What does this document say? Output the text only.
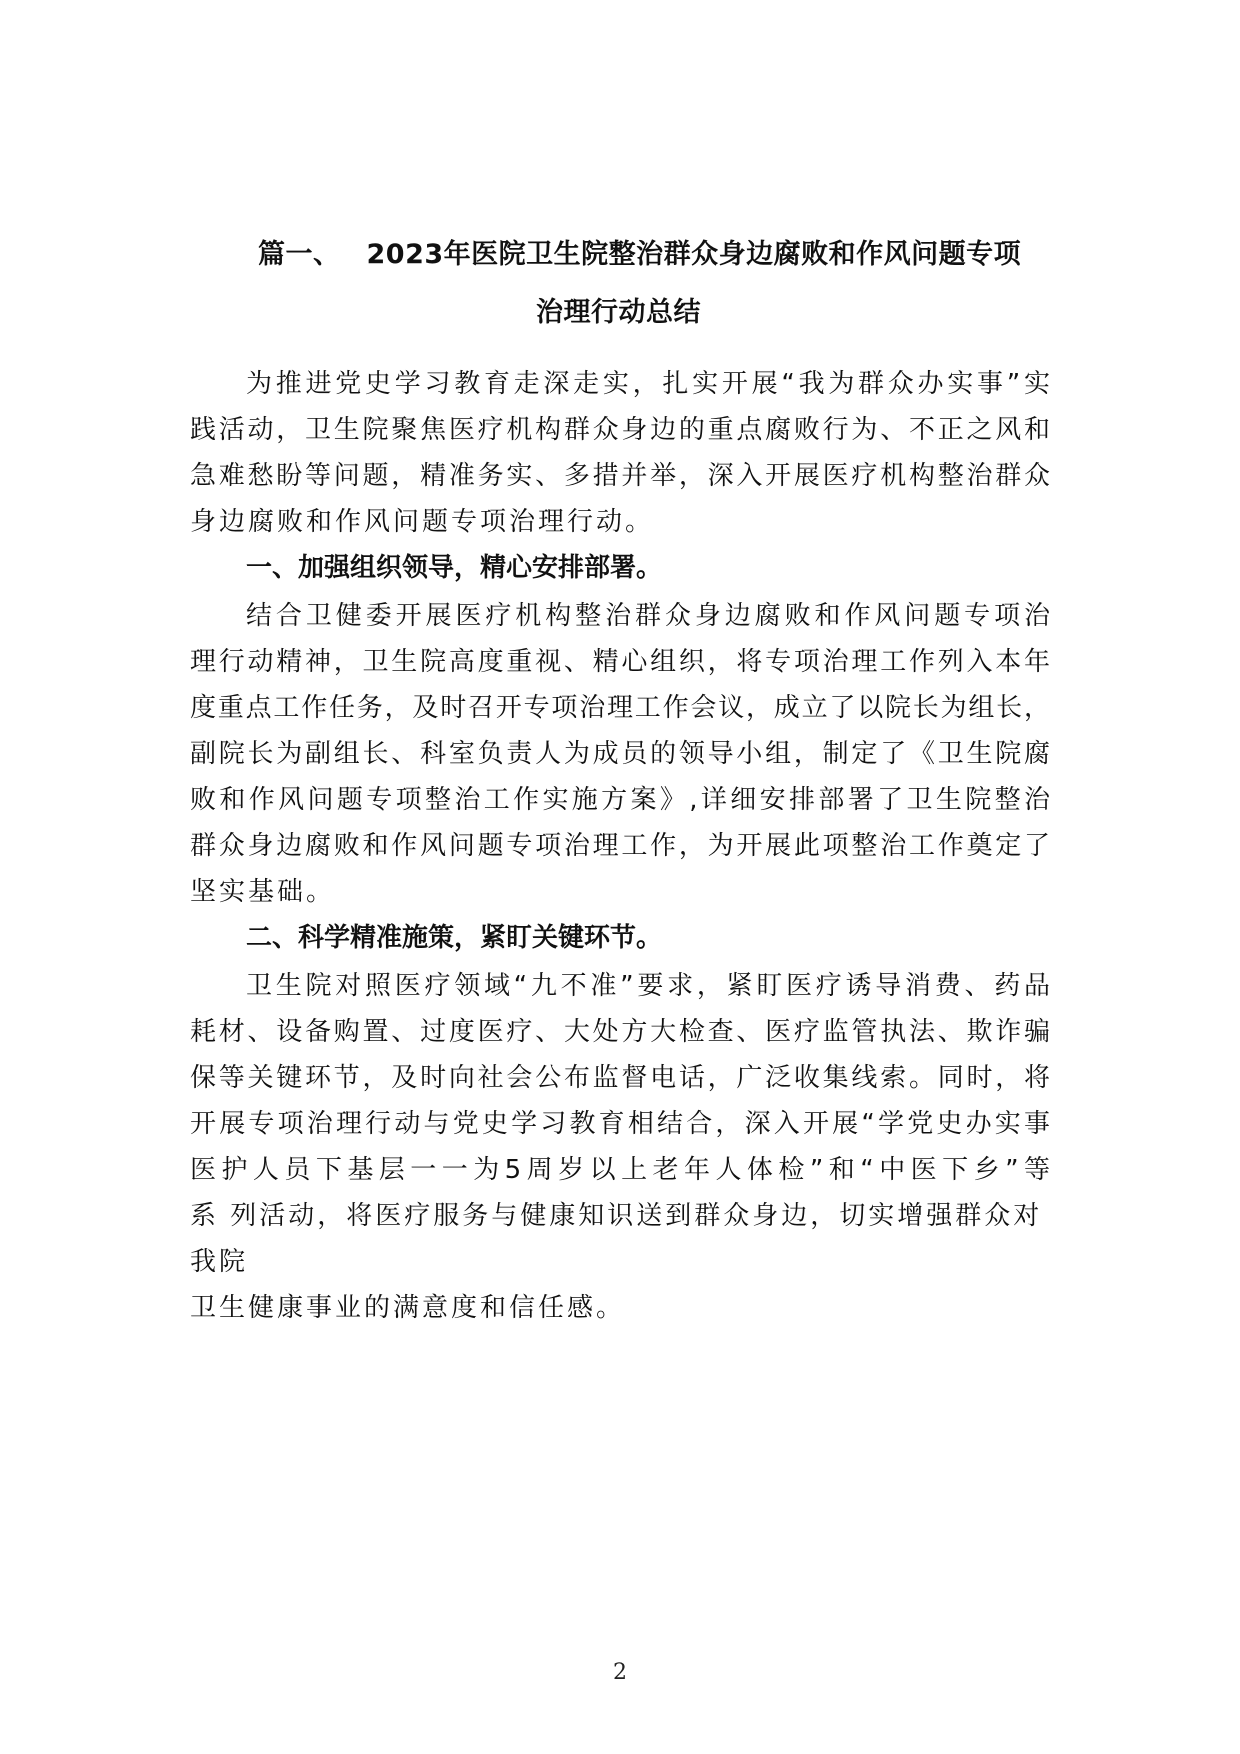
篇一、 2023年医院卫生院整治群众身边腐败和作风问题专项
治理行动总结
为推进党史学习教育走深走实，扎实开展“我为群众办实事”实
践活动，卫生院聚焦医疗机构群众身边的重点腐败行为、不正之风和
急难愁盼等问题，精准务实、多措并举，深入开展医疗机构整治群众
身边腐败和作风问题专项治理行动。
一、加强组织领导，精心安排部署。
结合卫健委开展医疗机构整治群众身边腐败和作风问题专项治
理行动精神，卫生院高度重视、精心组织，将专项治理工作列入本年
度重点工作任务，及时召开专项治理工作会议，成立了以院长为组长，
副院长为副组长、科室负责人为成员的领导小组，制定了《卫生院腐
败和作风问题专项整治工作实施方案》,详细安排部署了卫生院整治
群众身边腐败和作风问题专项治理工作，为开展此项整治工作奠定了
坚实基础。
二、科学精准施策，紧盯关键环节。
卫生院对照医疗领域“九不准”要求，紧盯医疗诱导消费、药品
耗材、设备购置、过度医疗、大处方大检查、医疗监管执法、欺诈骗
保等关键环节，及时向社会公布监督电话，广泛收集线索。同时，将
开展专项治理行动与党史学习教育相结合，深入开展“学党史办实事
医护人员下基层一一为5周岁以上老年人体检”和“中医下乡”等
系 列活动，将医疗服务与健康知识送到群众身边，切实增强群众对
我院
卫生健康事业的满意度和信任感。
2
